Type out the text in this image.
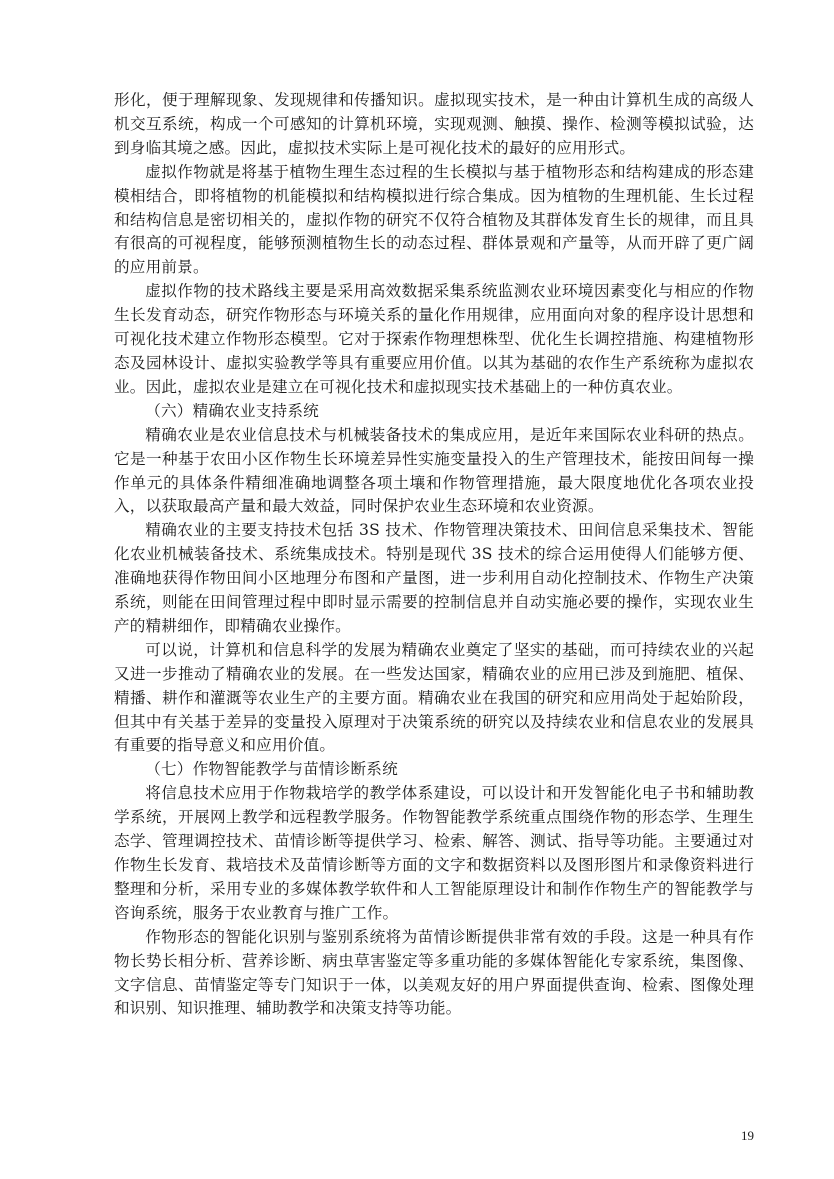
形化，便于理解现象、发现规律和传播知识。虚拟现实技术，是一种由计算机生成的高级人机交互系统，构成一个可感知的计算机环境，实现观测、触摸、操作、检测等模拟试验，达到身临其境之感。因此，虚拟技术实际上是可视化技术的最好的应用形式。

虚拟作物就是将基于植物生理生态过程的生长模拟与基于植物形态和结构建成的形态建模相结合，即将植物的机能模拟和结构模拟进行综合集成。因为植物的生理机能、生长过程和结构信息是密切相关的，虚拟作物的研究不仅符合植物及其群体发育生长的规律，而且具有很高的可视程度，能够预测植物生长的动态过程、群体景观和产量等，从而开辟了更广阔的应用前景。

虚拟作物的技术路线主要是采用高效数据采集系统监测农业环境因素变化与相应的作物生长发育动态，研究作物形态与环境关系的量化作用规律，应用面向对象的程序设计思想和可视化技术建立作物形态模型。它对于探索作物理想株型、优化生长调控措施、构建植物形态及园林设计、虚拟实验教学等具有重要应用价值。以其为基础的农作生产系统称为虚拟农业。因此，虚拟农业是建立在可视化技术和虚拟现实技术基础上的一种仿真农业。

（六）精确农业支持系统

精确农业是农业信息技术与机械装备技术的集成应用，是近年来国际农业科研的热点。它是一种基于农田小区作物生长环境差异性实施变量投入的生产管理技术，能按田间每一操作单元的具体条件精细准确地调整各项土壤和作物管理措施，最大限度地优化各项农业投入，以获取最高产量和最大效益，同时保护农业生态环境和农业资源。

精确农业的主要支持技术包括 3S 技术、作物管理决策技术、田间信息采集技术、智能化农业机械装备技术、系统集成技术。特别是现代 3S 技术的综合运用使得人们能够方便、准确地获得作物田间小区地理分布图和产量图，进一步利用自动化控制技术、作物生产决策系统，则能在田间管理过程中即时显示需要的控制信息并自动实施必要的操作，实现农业生产的精耕细作，即精确农业操作。

可以说，计算机和信息科学的发展为精确农业奠定了坚实的基础，而可持续农业的兴起又进一步推动了精确农业的发展。在一些发达国家，精确农业的应用已涉及到施肥、植保、精播、耕作和灌溉等农业生产的主要方面。精确农业在我国的研究和应用尚处于起始阶段，但其中有关基于差异的变量投入原理对于决策系统的研究以及持续农业和信息农业的发展具有重要的指导意义和应用价值。

（七）作物智能教学与苗情诊断系统

将信息技术应用于作物栽培学的教学体系建设，可以设计和开发智能化电子书和辅助教学系统，开展网上教学和远程教学服务。作物智能教学系统重点围绕作物的形态学、生理生态学、管理调控技术、苗情诊断等提供学习、检索、解答、测试、指导等功能。主要通过对作物生长发育、栽培技术及苗情诊断等方面的文字和数据资料以及图形图片和录像资料进行整理和分析，采用专业的多媒体教学软件和人工智能原理设计和制作作物生产的智能教学与咨询系统，服务于农业教育与推广工作。

作物形态的智能化识别与鉴别系统将为苗情诊断提供非常有效的手段。这是一种具有作物长势长相分析、营养诊断、病虫草害鉴定等多重功能的多媒体智能化专家系统，集图像、文字信息、苗情鉴定等专门知识于一体，以美观友好的用户界面提供查询、检索、图像处理和识别、知识推理、辅助教学和决策支持等功能。

19
